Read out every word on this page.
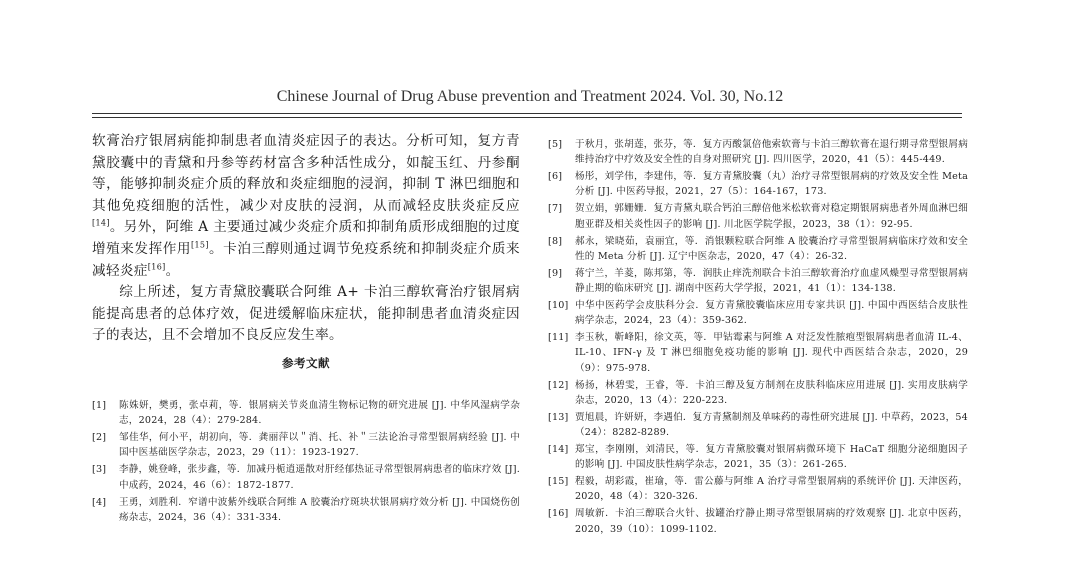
Chinese Journal of Drug Abuse prevention and Treatment 2024. Vol. 30, No.12

软膏治疗银屑病能抑制患者血清炎症因子的表达。分析可知，复方青黛胶囊中的青黛和丹参等药材富含多种活性成分，如靛玉红、丹参酮等，能够抑制炎症介质的释放和炎症细胞的浸润，抑制 T 淋巴细胞和其他免疫细胞的活性，减少对皮肤的浸润，从而减轻皮肤炎症反应[14]。另外，阿维 A 主要通过减少炎症介质和抑制角质形成细胞的过度增殖来发挥作用[15]。卡泊三醇则通过调节免疫系统和抑制炎症介质来减轻炎症[16]。

综上所述，复方青黛胶囊联合阿维 A+ 卡泊三醇软膏治疗银屑病能提高患者的总体疗效，促进缓解临床症状，能抑制患者血清炎症因子的表达，且不会增加不良反应发生率。

参考文献
[1] 陈姝妍，樊勇，张卓莉，等．银屑病关节炎血清生物标记物的研究进展 [J]. 中华风湿病学杂志，2024，28（4）：279-284.
[2] 邹佳华，何小平，胡初向，等．龚丽萍以＂消、托、补＂三法论治寻常型银屑病经验 [J]. 中国中医基础医学杂志，2023，29（11）：1923-1927.
[3] 李静，姚登峰，张步鑫，等．加减丹栀逍遥散对肝经郁热证寻常型银屑病患者的临床疗效 [J]. 中成药，2024，46（6）：1872-1877.
[4] 王勇，刘胜利．窄谱中波紫外线联合阿维 A 胶囊治疗斑块状银屑病疗效分析 [J]. 中国烧伤创疡杂志，2024，36（4）：331-334.
[5] 于秋月，张胡莲，张芬，等．复方丙酸氯倍他索软膏与卡泊三醇软膏在退行期寻常型银屑病维持治疗中疗效及安全性的自身对照研究 [J]. 四川医学，2020，41（5）：445-449.
[6] 杨彤，刘学伟，李建伟，等．复方青黛胶囊（丸）治疗寻常型银屑病的疗效及安全性 Meta 分析 [J]. 中医药导报，2021，27（5）：164-167，173.
[7] 贺立娟，郭姗姗．复方青黛丸联合钙泊三醇倍他米松软膏对稳定期银屑病患者外周血淋巴细胞亚群及相关炎性因子的影响 [J]. 川北医学院学报，2023，38（1）：92-95.
[8] 郝永，梁晓茹，袁丽宜，等．消银颗粒联合阿维 A 胶囊治疗寻常型银屑病临床疗效和安全性的 Meta 分析 [J]. 辽宁中医杂志，2020，47（4）：26-32.
[9] 蒋宁兰，羊菱，陈邦第，等．润肤止痒洗剂联合卡泊三醇软膏治疗血虚风燥型寻常型银屑病静止期的临床研究 [J]. 湖南中医药大学学报，2021，41（1）：134-138.
[10] 中华中医药学会皮肤科分会．复方青黛胶囊临床应用专家共识 [J]. 中国中西医结合皮肤性病学杂志，2024，23（4）：359-362.
[11] 李玉秋，靳峰阳，徐文英，等．甲钴霉素与阿维 A 对泛发性脓疱型银屑病患者血清 IL-4、IL-10、IFN-γ 及 T 淋巴细胞免疫功能的影响 [J]. 现代中西医结合杂志，2020，29（9）：975-978.
[12] 杨扬，林碧雯，王睿，等．卡泊三醇及复方制剂在皮肤科临床应用进展 [J]. 实用皮肤病学杂志，2020，13（4）：220-223.
[13] 贾旭晨，许妍妍，李遇伯．复方青黛制剂及单味药的毒性研究进展 [J]. 中草药，2023，54（24）：8282-8289.
[14] 郑宝，李刚刚，刘清民，等．复方青黛胶囊对银屑病微环境下 HaCaT 细胞分泌细胞因子的影响 [J]. 中国皮肤性病学杂志，2021，35（3）：261-265.
[15] 程毅，胡彩霞，崔瑜，等．雷公藤与阿维 A 治疗寻常型银屑病的系统评价 [J]. 天津医药，2020，48（4）：320-326.
[16] 周敏新．卡泊三醇联合火针、拔罐治疗静止期寻常型银屑病的疗效观察 [J]. 北京中医药，2020，39（10）：1099-1102.
